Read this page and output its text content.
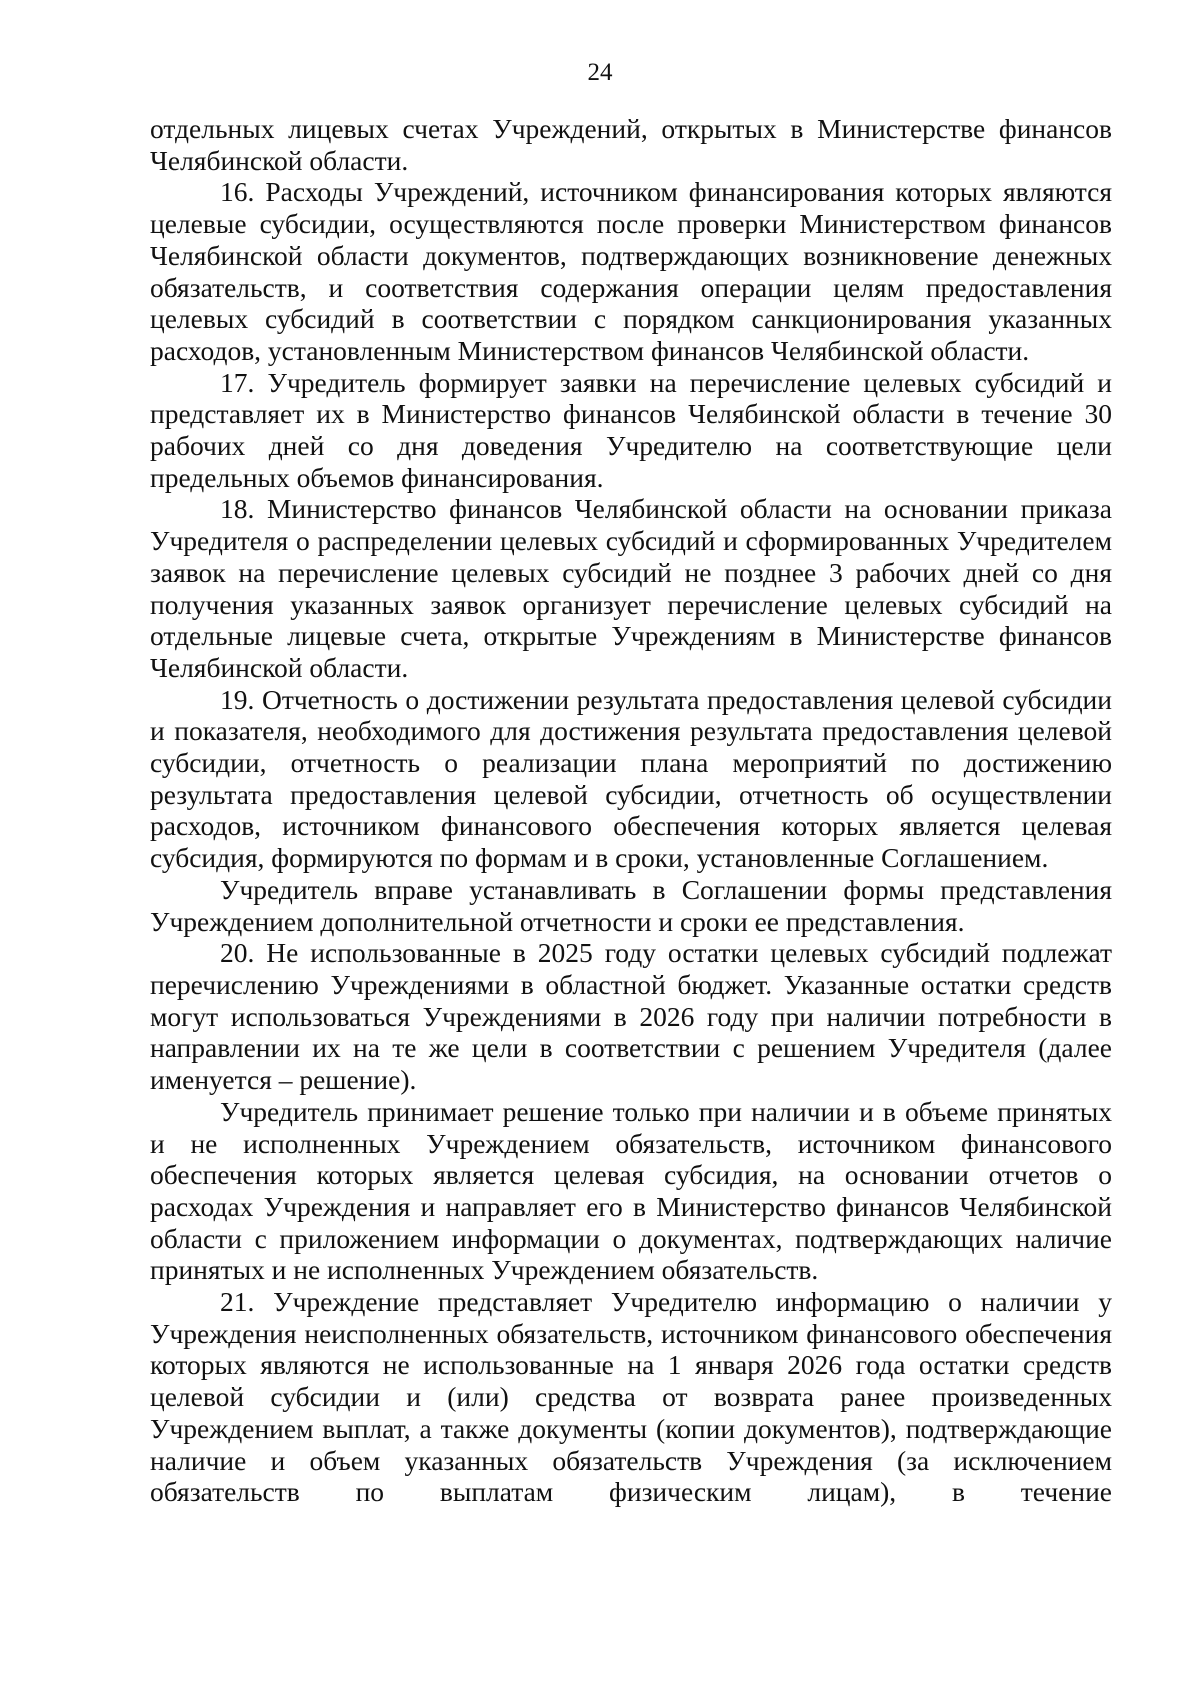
24

отдельных лицевых счетах Учреждений, открытых в Министерстве финансов Челябинской области.

16. Расходы Учреждений, источником финансирования которых являются целевые субсидии, осуществляются после проверки Министерством финансов Челябинской области документов, подтверждающих возникновение денежных обязательств, и соответствия содержания операции целям предоставления целевых субсидий в соответствии с порядком санкционирования указанных расходов, установленным Министерством финансов Челябинской области.

17. Учредитель формирует заявки на перечисление целевых субсидий и представляет их в Министерство финансов Челябинской области в течение 30 рабочих дней со дня доведения Учредителю на соответствующие цели предельных объемов финансирования.

18. Министерство финансов Челябинской области на основании приказа Учредителя о распределении целевых субсидий и сформированных Учредителем заявок на перечисление целевых субсидий не позднее 3 рабочих дней со дня получения указанных заявок организует перечисление целевых субсидий на отдельные лицевые счета, открытые Учреждениям в Министерстве финансов Челябинской области.

19. Отчетность о достижении результата предоставления целевой субсидии и показателя, необходимого для достижения результата предоставления целевой субсидии, отчетность о реализации плана мероприятий по достижению результата предоставления целевой субсидии, отчетность об осуществлении расходов, источником финансового обеспечения которых является целевая субсидия, формируются по формам и в сроки, установленные Соглашением.

Учредитель вправе устанавливать в Соглашении формы представления Учреждением дополнительной отчетности и сроки ее представления.

20. Не использованные в 2025 году остатки целевых субсидий подлежат перечислению Учреждениями в областной бюджет. Указанные остатки средств могут использоваться Учреждениями в 2026 году при наличии потребности в направлении их на те же цели в соответствии с решением Учредителя (далее именуется – решение).

Учредитель принимает решение только при наличии и в объеме принятых и не исполненных Учреждением обязательств, источником финансового обеспечения которых является целевая субсидия, на основании отчетов о расходах Учреждения и направляет его в Министерство финансов Челябинской области с приложением информации о документах, подтверждающих наличие принятых и не исполненных Учреждением обязательств.

21. Учреждение представляет Учредителю информацию о наличии у Учреждения неисполненных обязательств, источником финансового обеспечения которых являются не использованные на 1 января 2026 года остатки средств целевой субсидии и (или) средства от возврата ранее произведенных Учреждением выплат, а также документы (копии документов), подтверждающие наличие и объем указанных обязательств Учреждения (за исключением обязательств по выплатам физическим лицам), в течение
